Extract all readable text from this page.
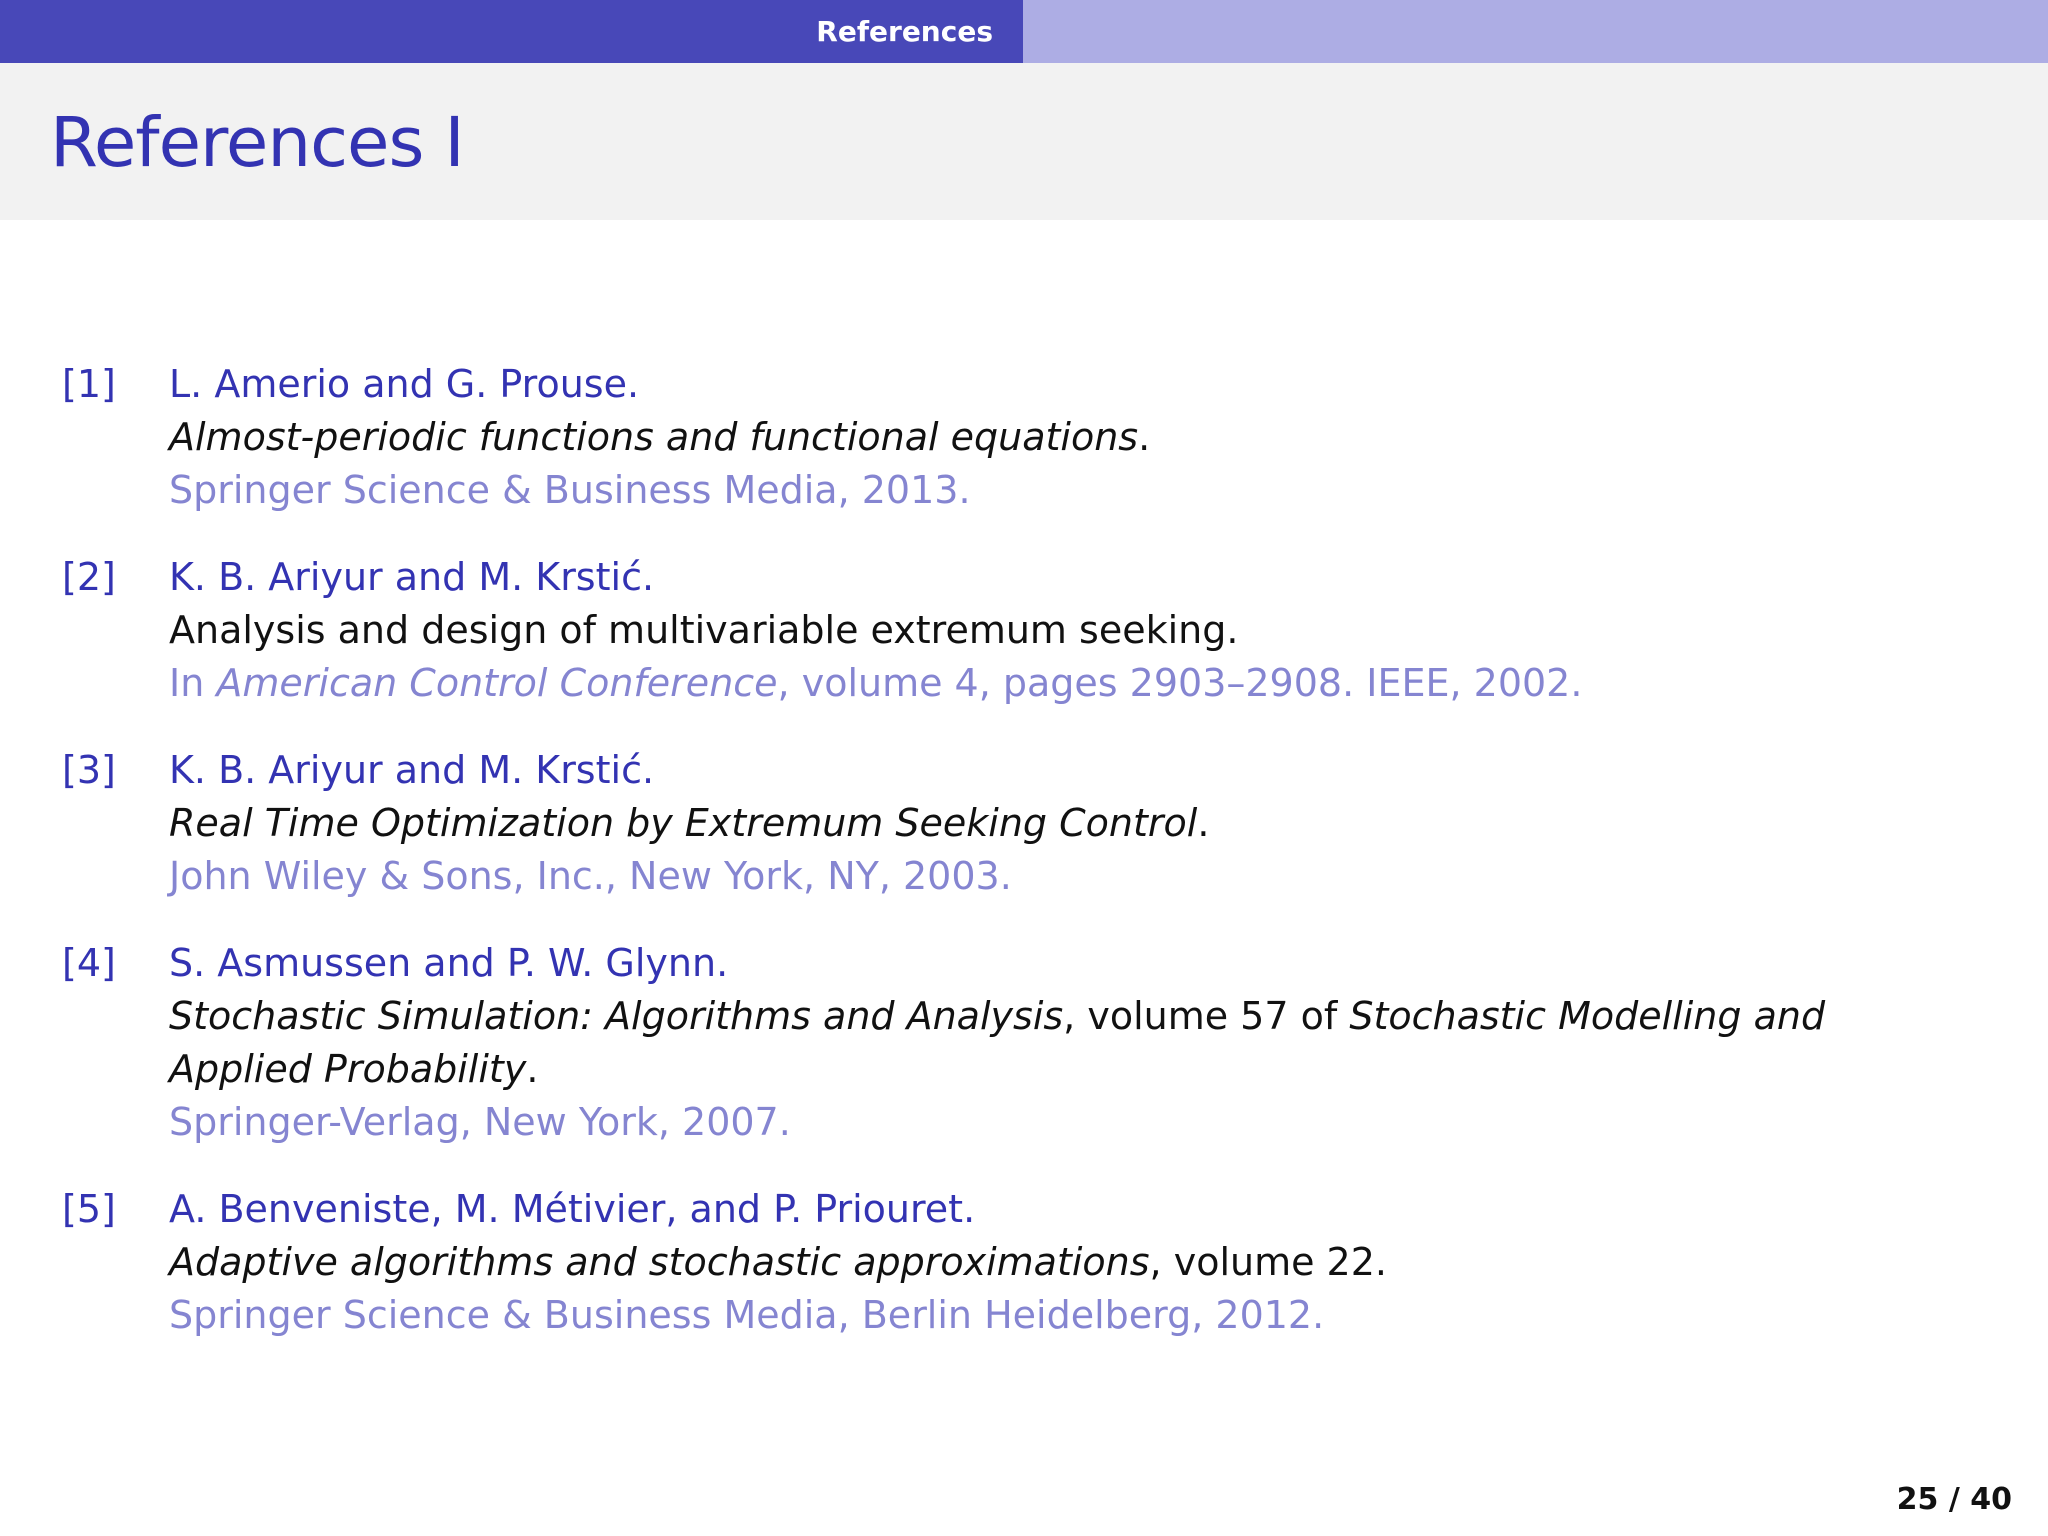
References
References I
[1] L. Amerio and G. Prouse.
Almost-periodic functions and functional equations.
Springer Science & Business Media, 2013.
[2] K. B. Ariyur and M. Krstić.
Analysis and design of multivariable extremum seeking.
In American Control Conference, volume 4, pages 2903–2908. IEEE, 2002.
[3] K. B. Ariyur and M. Krstić.
Real Time Optimization by Extremum Seeking Control.
John Wiley & Sons, Inc., New York, NY, 2003.
[4] S. Asmussen and P. W. Glynn.
Stochastic Simulation: Algorithms and Analysis, volume 57 of Stochastic Modelling and Applied Probability.
Springer-Verlag, New York, 2007.
[5] A. Benveniste, M. Métivier, and P. Priouret.
Adaptive algorithms and stochastic approximations, volume 22.
Springer Science & Business Media, Berlin Heidelberg, 2012.
25 / 40
